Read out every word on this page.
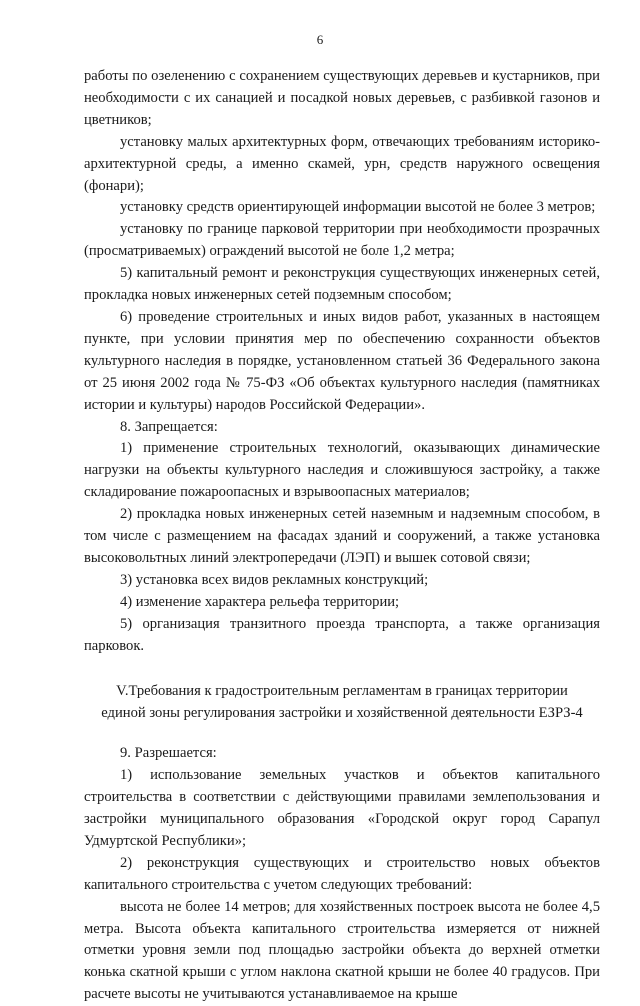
6

работы по озеленению с сохранением существующих деревьев и кустарников, при необходимости с их санацией и посадкой новых деревьев, с разбивкой газонов и цветников;

установку малых архитектурных форм, отвечающих требованиям историко-архитектурной среды, а именно скамей, урн, средств наружного освещения (фонари);

установку средств ориентирующей информации высотой не более 3 метров;

установку по границе парковой территории при необходимости прозрачных (просматриваемых) ограждений высотой не боле 1,2 метра;

5) капитальный ремонт и реконструкция существующих инженерных сетей, прокладка новых инженерных сетей подземным способом;

6) проведение строительных и иных видов работ, указанных в настоящем пункте, при условии принятия мер по обеспечению сохранности объектов культурного наследия в порядке, установленном статьей 36 Федерального закона от 25 июня 2002 года № 75-ФЗ «Об объектах культурного наследия (памятниках истории и культуры) народов Российской Федерации».

8. Запрещается:

1) применение строительных технологий, оказывающих динамические нагрузки на объекты культурного наследия и сложившуюся застройку, а также складирование пожароопасных и взрывоопасных материалов;

2) прокладка новых инженерных сетей наземным и надземным способом, в том числе с размещением на фасадах зданий и сооружений, а также установка высоковольтных линий электропередачи (ЛЭП) и вышек сотовой связи;

3) установка всех видов рекламных конструкций;

4) изменение характера рельефа территории;

5) организация транзитного проезда транспорта, а также организация парковок.

V.Требования к градостроительным регламентам в границах территории
единой зоны регулирования застройки и хозяйственной деятельности ЕЗРЗ-4

9. Разрешается:

1) использование земельных участков и объектов капитального строительства в соответствии с действующими правилами землепользования и застройки муниципального образования «Городской округ город Сарапул Удмуртской Республики»;

2) реконструкция существующих и строительство новых объектов капитального строительства с учетом следующих требований:

высота не более 14 метров; для хозяйственных построек высота не более 4,5 метра. Высота объекта капитального строительства измеряется от нижней отметки уровня земли под площадью застройки объекта до верхней отметки конька скатной крыши с углом наклона скатной крыши не более 40 градусов. При расчете высоты не учитываются устанавливаемое на крыше
